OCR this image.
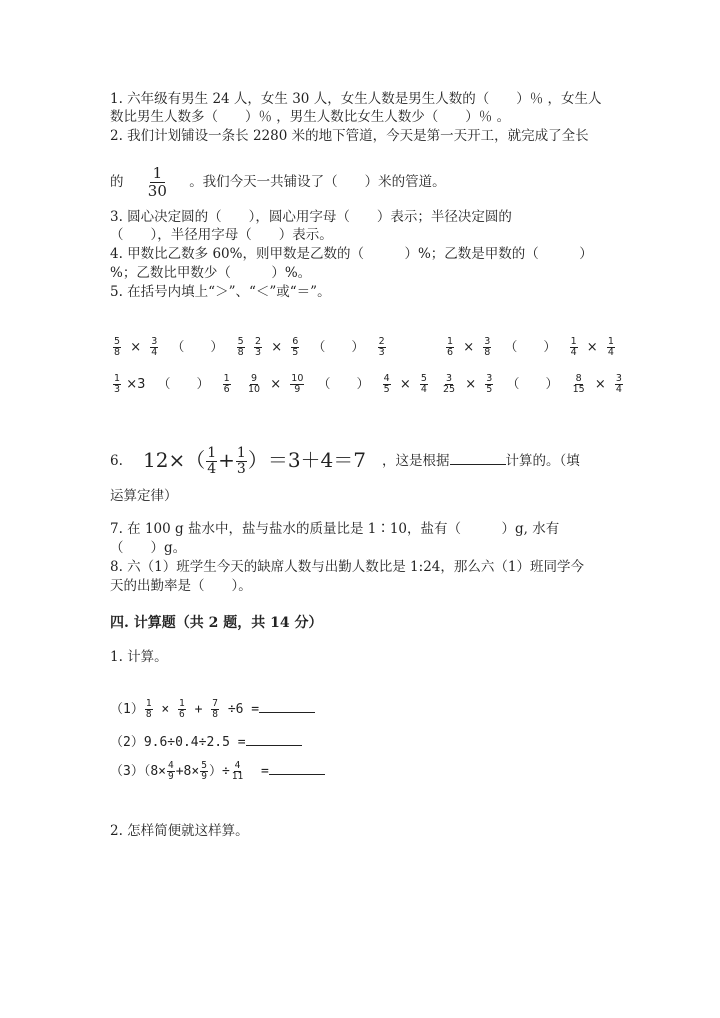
1. 六年级有男生 24 人，女生 30 人，女生人数是男生人数的（　　）％ ，女生人
数比男生人数多（　　）％ ，男生人数比女生人数少（　　）％ 。
2. 我们计划铺设一条长 2280 米的地下管道，今天是第一天开工，就完成了全长
的 $\frac{1}{30}$ 。我们今天一共铺设了（　　）米的管道。
3. 圆心决定圆的（　　），圆心用字母（　　）表示；半径决定圆的
（　　），半径用字母（　　）表示。
4. 甲数比乙数多 60%，则甲数是乙数的（　　　）%；乙数是甲数的（　　　）
%；乙数比甲数少（　　　）%。
5. 在括号内填上“＞”、“＜”或“＝”。
$\frac{5}{8} \times \frac{3}{4}$ （　　） $\frac{5}{8} \frac{2}{3} \times \frac{6}{5}$ （　　） $\frac{2}{3}$	$\frac{1}{6} \times \frac{3}{8}$ （　　） $\frac{1}{4} \times \frac{1}{4}$
$\frac{1}{3} \times 3$ （　　） $\frac{1}{6} \frac{9}{10} \times \frac{10}{9}$ （　　） $\frac{4}{5} \times \frac{5}{4} \frac{3}{25} \times \frac{3}{5}$ （　　） $\frac{8}{15} \times \frac{3}{4}$
6. $12\times( \frac{1}{4} + \frac{1}{3} )=3+4=7$ ，这是根据	计算的。（填
运算定律）
7. 在 100 g 盐水中，盐与盐水的质量比是 1∶10，盐有（　　　）g, 水有
（　　）g。
8. 六（1）班学生今天的缺席人数与出勤人数比是 1:24，那么六（1）班同学今
天的出勤率是（　　）。
四. 计算题（共 2 题，共 14 分）
1. 计算。
$(1) \frac{1}{8} \times \frac{1}{6} + \frac{7}{8} \div 6$ =
（2）9.6÷0.4÷2.5 =
$(3)(8\times \frac{4}{9} +8\times \frac{5}{9}$ ）÷ $\frac{4}{11}$ =
2. 怎样简便就这样算。
